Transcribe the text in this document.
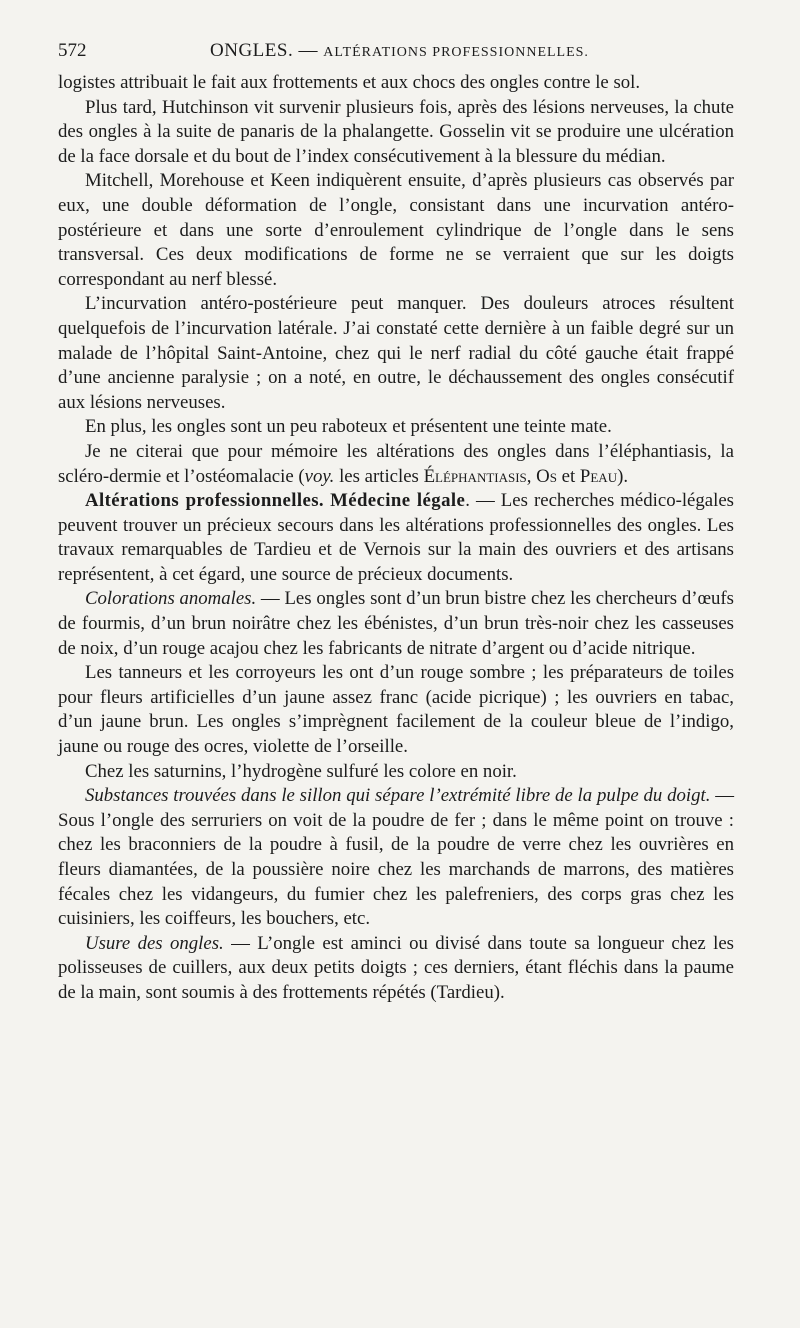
572	ONGLES. — ALTÉRATIONS PROFESSIONNELLES.

logistes attribuait le fait aux frottements et aux chocs des ongles contre le sol.

Plus tard, Hutchinson vit survenir plusieurs fois, après des lésions nerveuses, la chute des ongles à la suite de panaris de la phalangette. Gosselin vit se produire une ulcération de la face dorsale et du bout de l’index consécutivement à la blessure du médian.

Mitchell, Morehouse et Keen indiquèrent ensuite, d’après plusieurs cas observés par eux, une double déformation de l’ongle, consistant dans une incurvation antéro-postérieure et dans une sorte d’enroulement cylindrique de l’ongle dans le sens transversal. Ces deux modifications de forme ne se verraient que sur les doigts correspondant au nerf blessé.

L’incurvation antéro-postérieure peut manquer. Des douleurs atroces résultent quelquefois de l’incurvation latérale. J’ai constaté cette dernière à un faible degré sur un malade de l’hôpital Saint-Antoine, chez qui le nerf radial du côté gauche était frappé d’une ancienne paralysie ; on a noté, en outre, le déchaussement des ongles consécutif aux lésions nerveuses.

En plus, les ongles sont un peu raboteux et présentent une teinte mate.

Je ne citerai que pour mémoire les altérations des ongles dans l’éléphantiasis, la scléro-dermie et l’ostéomalacie (voy. les articles Éléphantiasis, Os et Peau).

Altérations professionnelles. Médecine légale. — Les recherches médico-légales peuvent trouver un précieux secours dans les altérations professionnelles des ongles. Les travaux remarquables de Tardieu et de Vernois sur la main des ouvriers et des artisans représentent, à cet égard, une source de précieux documents.

Colorations anomales. — Les ongles sont d’un brun bistre chez les chercheurs d’œufs de fourmis, d’un brun noirâtre chez les ébénistes, d’un brun très-noir chez les casseuses de noix, d’un rouge acajou chez les fabricants de nitrate d’argent ou d’acide nitrique.

Les tanneurs et les corroyeurs les ont d’un rouge sombre ; les préparateurs de toiles pour fleurs artificielles d’un jaune assez franc (acide picrique) ; les ouvriers en tabac, d’un jaune brun. Les ongles s’imprègnent facilement de la couleur bleue de l’indigo, jaune ou rouge des ocres, violette de l’orseille.

Chez les saturnins, l’hydrogène sulfuré les colore en noir.

Substances trouvées dans le sillon qui sépare l’extrémité libre de la pulpe du doigt. — Sous l’ongle des serruriers on voit de la poudre de fer ; dans le même point on trouve : chez les braconniers de la poudre à fusil, de la poudre de verre chez les ouvrières en fleurs diamantées, de la poussière noire chez les marchands de marrons, des matières fécales chez les vidangeurs, du fumier chez les palefreniers, des corps gras chez les cuisiniers, les coiffeurs, les bouchers, etc.

Usure des ongles. — L’ongle est aminci ou divisé dans toute sa longueur chez les polisseuses de cuillers, aux deux petits doigts ; ces derniers, étant fléchis dans la paume de la main, sont soumis à des frottements répétés (Tardieu).
